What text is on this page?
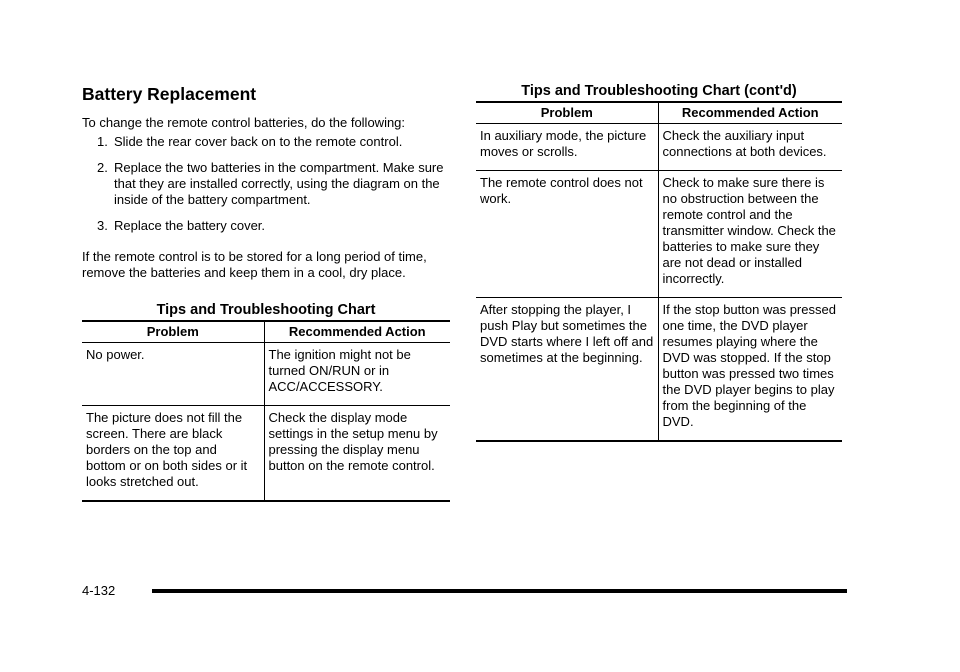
Battery Replacement

To change the remote control batteries, do the following:

1. Slide the rear cover back on to the remote control.
2. Replace the two batteries in the compartment. Make sure that they are installed correctly, using the diagram on the inside of the battery compartment.
3. Replace the battery cover.

If the remote control is to be stored for a long period of time, remove the batteries and keep them in a cool, dry place.

Tips and Troubleshooting Chart
Problem	Recommended Action
No power.	The ignition might not be turned ON/RUN or in ACC/ACCESSORY.
The picture does not fill the screen. There are black borders on the top and bottom or on both sides or it looks stretched out.	Check the display mode settings in the setup menu by pressing the display menu button on the remote control.
Tips and Troubleshooting Chart (cont'd)
Problem	Recommended Action
In auxiliary mode, the picture moves or scrolls.	Check the auxiliary input connections at both devices.
The remote control does not work.	Check to make sure there is no obstruction between the remote control and the transmitter window. Check the batteries to make sure they are not dead or installed incorrectly.
After stopping the player, I push Play but sometimes the DVD starts where I left off and sometimes at the beginning.	If the stop button was pressed one time, the DVD player resumes playing where the DVD was stopped. If the stop button was pressed two times the DVD player begins to play from the beginning of the DVD.

4-132
